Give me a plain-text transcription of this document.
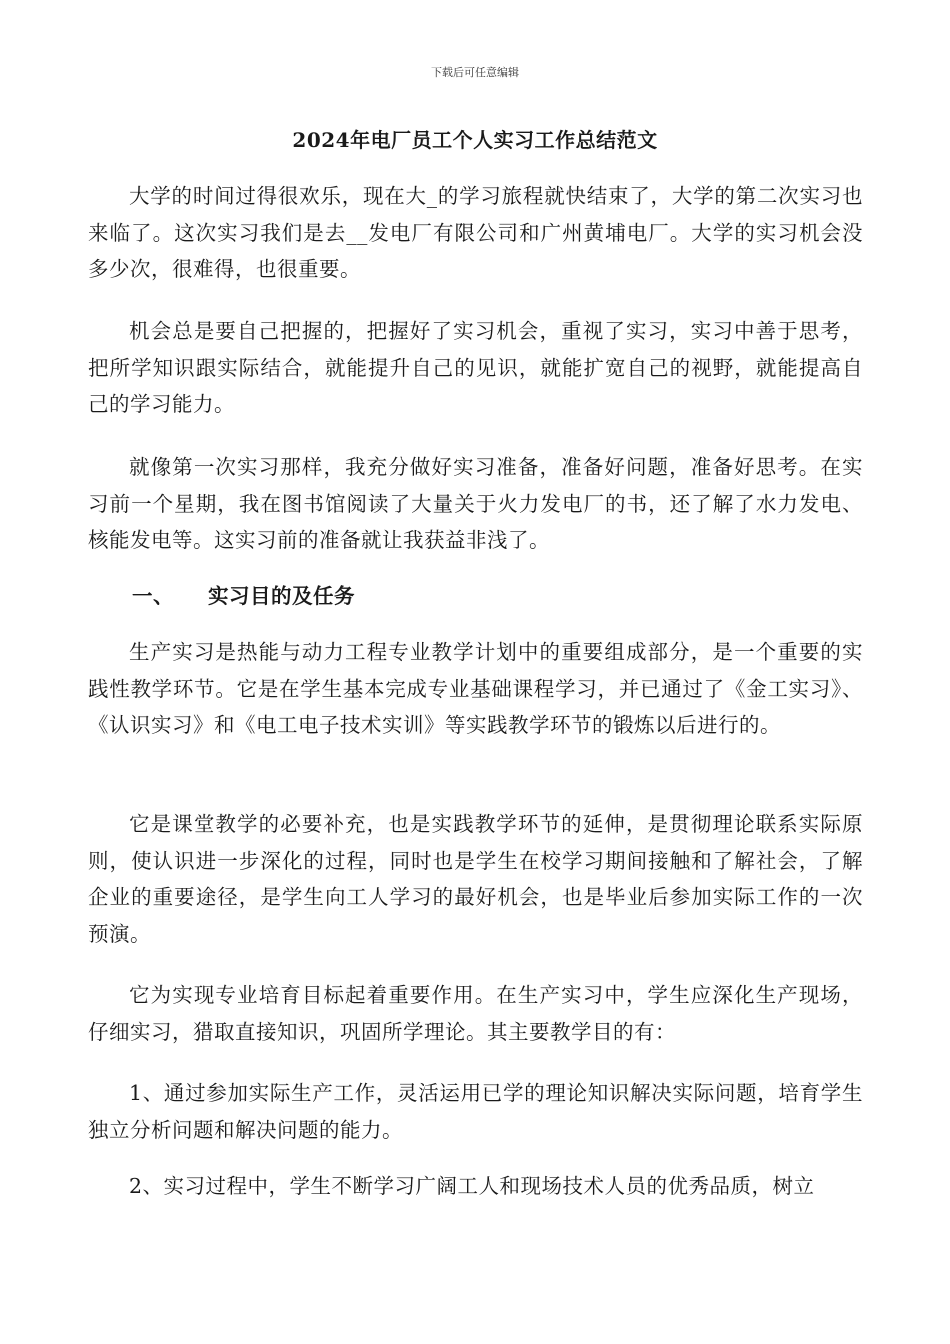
下载后可任意编辑
2024年电厂员工个人实习工作总结范文

大学的时间过得很欢乐，现在大_的学习旅程就快结束了，大学的第二次实习也来临了。这次实习我们是去__发电厂有限公司和广州黄埔电厂。大学的实习机会没多少次，很难得，也很重要。

机会总是要自己把握的，把握好了实习机会，重视了实习，实习中善于思考，把所学知识跟实际结合，就能提升自己的见识，就能扩宽自己的视野，就能提高自己的学习能力。

就像第一次实习那样，我充分做好实习准备，准备好问题，准备好思考。在实习前一个星期，我在图书馆阅读了大量关于火力发电厂的书，还了解了水力发电、核能发电等。这实习前的准备就让我获益非浅了。

一、 实习目的及任务

生产实习是热能与动力工程专业教学计划中的重要组成部分，是一个重要的实践性教学环节。它是在学生基本完成专业基础课程学习，并已通过了《金工实习》、《认识实习》和《电工电子技术实训》等实践教学环节的锻炼以后进行的。

它是课堂教学的必要补充，也是实践教学环节的延伸，是贯彻理论联系实际原则，使认识进一步深化的过程，同时也是学生在校学习期间接触和了解社会，了解企业的重要途径，是学生向工人学习的最好机会，也是毕业后参加实际工作的一次预演。

它为实现专业培育目标起着重要作用。在生产实习中，学生应深化生产现场，仔细实习，猎取直接知识，巩固所学理论。其主要教学目的有：

1、通过参加实际生产工作，灵活运用已学的理论知识解决实际问题，培育学生独立分析问题和解决问题的能力。

2、实习过程中，学生不断学习广阔工人和现场技术人员的优秀品质，树立
